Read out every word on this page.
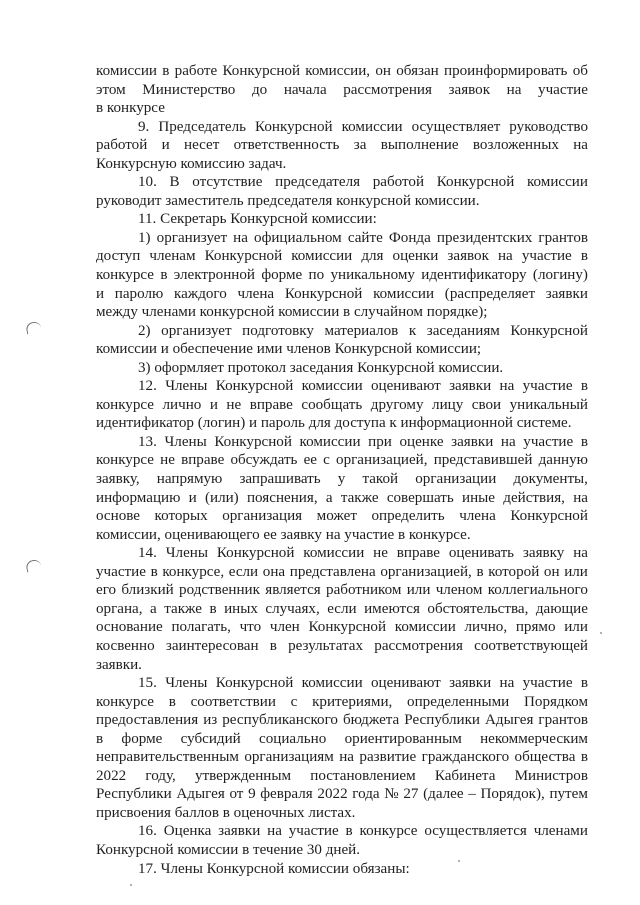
комиссии в работе Конкурсной комиссии, он обязан проинформировать об
этом Министерство до начала рассмотрения заявок на участие
в конкурсе
9. Председатель Конкурсной комиссии осуществляет руководство
работой и несет ответственность за выполнение возложенных на
Конкурсную комиссию задач.
10. В отсутствие председателя работой Конкурсной комиссии
руководит заместитель председателя конкурсной комиссии.
11. Секретарь Конкурсной комиссии:
1) организует на официальном сайте Фонда президентских грантов
доступ членам Конкурсной комиссии для оценки заявок на участие в
конкурсе в электронной форме по уникальному идентификатору (логину)
и паролю каждого члена Конкурсной комиссии (распределяет заявки
между членами конкурсной комиссии в случайном порядке);
2) организует подготовку материалов к заседаниям Конкурсной
комиссии и обеспечение ими членов Конкурсной комиссии;
3) оформляет протокол заседания Конкурсной комиссии.
12. Члены Конкурсной комиссии оценивают заявки на участие в
конкурсе лично и не вправе сообщать другому лицу свои уникальный
идентификатор (логин) и пароль для доступа к информационной системе.
13. Члены Конкурсной комиссии при оценке заявки на участие в
конкурсе не вправе обсуждать ее с организацией, представившей данную
заявку, напрямую запрашивать у такой организации документы,
информацию и (или) пояснения, а также совершать иные действия, на
основе которых организация может определить члена Конкурсной
комиссии, оценивающего ее заявку на участие в конкурсе.
14. Члены Конкурсной комиссии не вправе оценивать заявку на
участие в конкурсе, если она представлена организацией, в которой он или
его близкий родственник является работником или членом коллегиального
органа, а также в иных случаях, если имеются обстоятельства, дающие
основание полагать, что член Конкурсной комиссии лично, прямо или
косвенно заинтересован в результатах рассмотрения соответствующей
заявки.
15. Члены Конкурсной комиссии оценивают заявки на участие в
конкурсе в соответствии с критериями, определенными Порядком
предоставления из республиканского бюджета Республики Адыгея грантов
в форме субсидий социально ориентированным некоммерческим
неправительственным организациям на развитие гражданского общества в
2022 году, утвержденным постановлением Кабинета Министров
Республики Адыгея от 9 февраля 2022 года № 27 (далее – Порядок), путем
присвоения баллов в оценочных листах.
16. Оценка заявки на участие в конкурсе осуществляется членами
Конкурсной комиссии в течение 30 дней.
17. Члены Конкурсной комиссии обязаны:
